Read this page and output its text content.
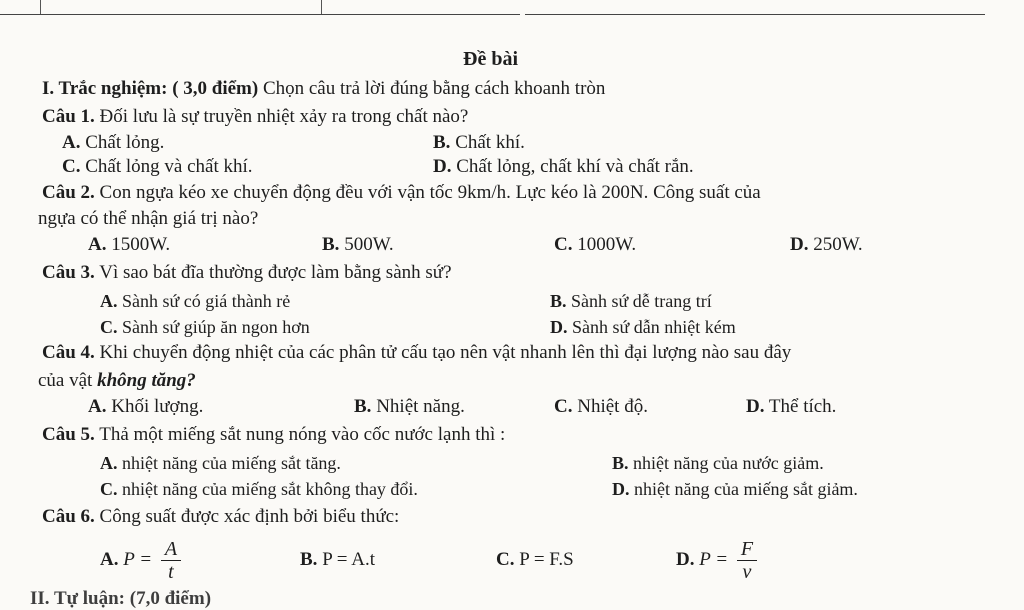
Đề bài
I. Trắc nghiệm: ( 3,0 điểm) Chọn câu trả lời đúng bằng cách khoanh tròn
Câu 1. Đối lưu là sự truyền nhiệt xảy ra trong chất nào?
A. Chất lỏng.	B. Chất khí.
C. Chất lỏng và chất khí.	D. Chất lỏng, chất khí và chất rắn.
Câu 2. Con ngựa kéo xe chuyển động đều với vận tốc 9km/h. Lực kéo là 200N. Công suất của
ngựa có thể nhận giá trị nào?
A. 1500W.	B. 500W.	C. 1000W.	D. 250W.
Câu 3. Vì sao bát đĩa thường được làm bằng sành sứ?
A. Sành sứ có giá thành rẻ	B. Sành sứ dễ trang trí
C. Sành sứ giúp ăn ngon hơn	D. Sành sứ dẫn nhiệt kém
Câu 4. Khi chuyển động nhiệt của các phân tử cấu tạo nên vật nhanh lên thì đại lượng nào sau đây
của vật không tăng?
A. Khối lượng.	B. Nhiệt năng.	C. Nhiệt độ.	D. Thể tích.
Câu 5. Thả một miếng sắt nung nóng vào cốc nước lạnh thì :
A. nhiệt năng của miếng sắt tăng.	B. nhiệt năng của nước giảm.
C. nhiệt năng của miếng sắt không thay đổi.	D. nhiệt năng của miếng sắt giảm.
Câu 6. Công suất được xác định bởi biểu thức:
A. $P = \frac{A}{t}$	B. P = A.t	C. P = F.S	D. $P = \frac{F}{v}$
II. Tự luận: (7,0 điểm)
